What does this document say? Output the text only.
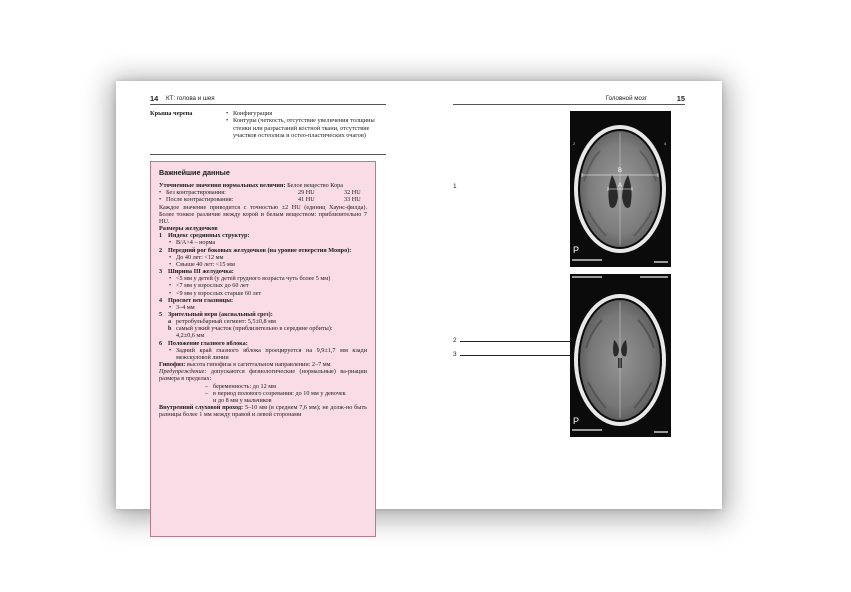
14 КТ: голова и шея
Крыша черепа
•	Конфигурация
• Контуры (четкость, отсутствие увеличения толщины стенки или разрастаний костной ткани, отсутствие участков остеолиза и остео-пластических очагов)
Важнейшие данные

Уточненные значения нормальных величин: Белое вещество Кора

• Без контрастирования:	29 HU	32 HU
• После контрастирования:	41 HU	33 HU

Каждое значение приводится с точностью ±2 HU (единиц Хаунс-филда). Более тонкое различие между корой и белым веществом: приблизительно 7 HU.

Размеры желудочков

1 Индекс срединных структур:
• B/A>4 – норма
2 Передний рог боковых желудочков (на уровне отверстия Монро):
• До 40 лет: <12 мм
• Свыше 40 лет: <15 мм
3 Ширина III желудочка:
• <5 мм у детей (у детей грудного возраста чуть более 5 мм)
• <7 мм у взрослых до 60 лет
• <9 мм у взрослых старше 60 лет
4 Просвет вен глазницы:
• 3–4 мм
5 Зрительный нерв (аксиальный срез):
a ретробульбарный сегмент: 5,5±0,8 мм
b самый узкий участок (приблизительно в середине орбиты):
4,2±0,6 мм
6 Положение глазного яблока:
• Задний край глазного яблока проецируется на 9,9±1,7 мм кзади межскуловой линии

Гипофиз: высота гипофиза в сагиттальном направлении: 2–7 мм

Предупреждение: допускаются физиологические (нормальные) ва-риации размера в пределах:

– беременность: до 12 мм
– в период полового созревания: до 10 мм у девочек
и до 8 мм у мальчиков

Внутренний слуховой проход: 5–10 мм (в среднем 7,6 мм); не долж-но быть разницы более 1 мм между правой и левой сторонами

Головной мозг	15
1
2
3
B
A
P
2	4
P
